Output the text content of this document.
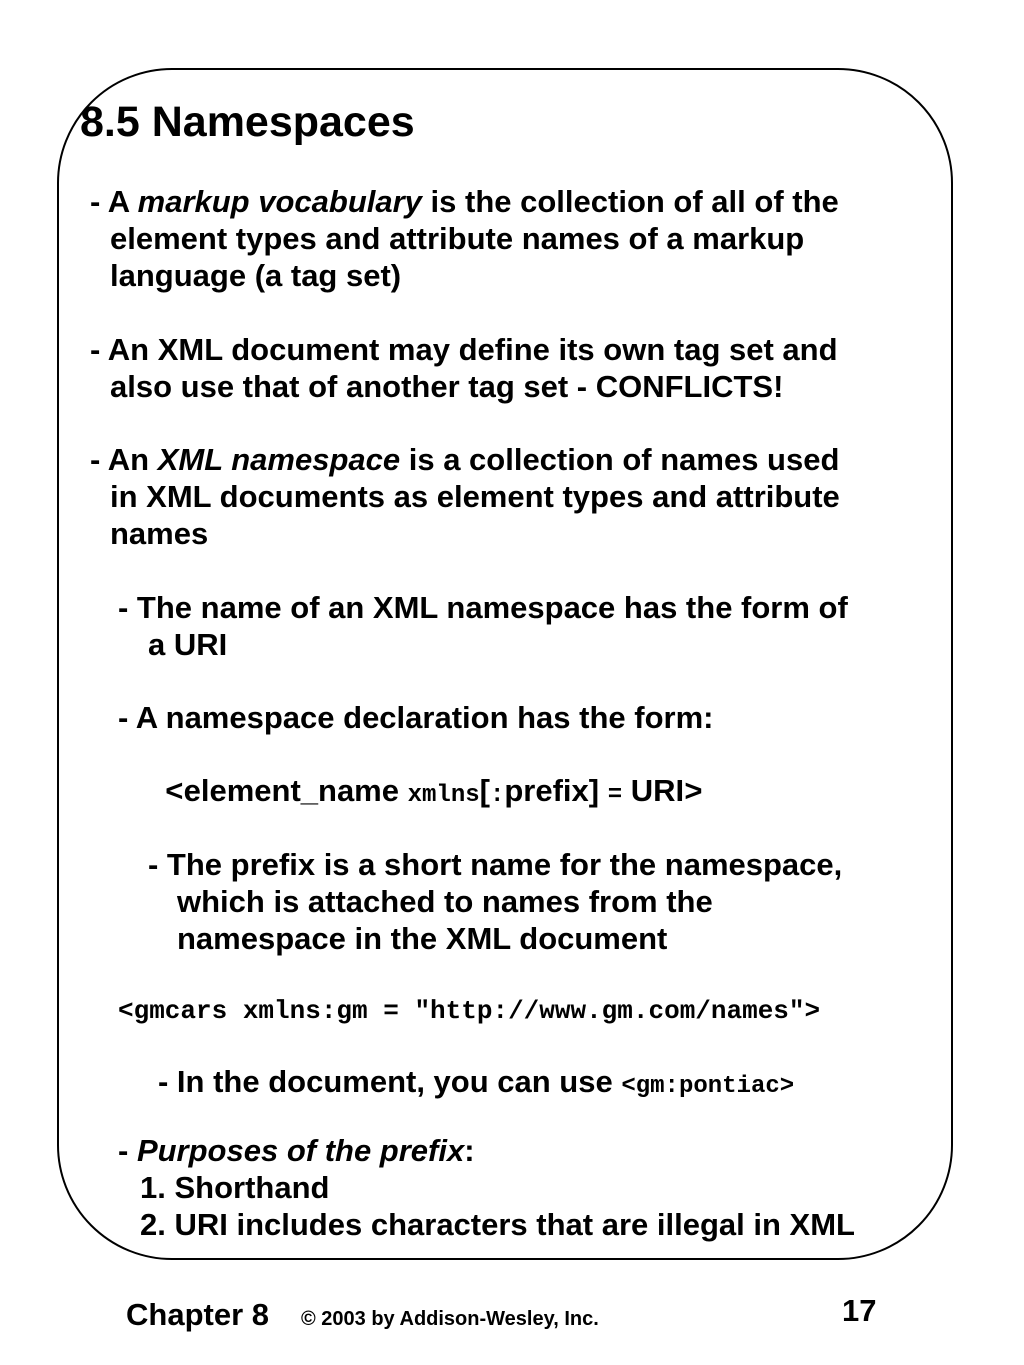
8.5 Namespaces
- A markup vocabulary is the collection of all of the
element types and attribute names of a markup
language (a tag set)
- An XML document may define its own tag set and
also use that of another tag set - CONFLICTS!
- An XML namespace is a collection of names used
in XML documents as element types and attribute
names
- The name of an XML namespace has the form of
a URI
- A namespace declaration has the form:
<element_name xmlns[:prefix] = URI>
- The prefix is a short name for the namespace,
which is attached to names from the
namespace in the XML document
<gmcars xmlns:gm = "http://www.gm.com/names">
- In the document, you can use <gm:pontiac>
- Purposes of the prefix:
1. Shorthand
2. URI includes characters that are illegal in XML
Chapter 8 © 2003 by Addison-Wesley, Inc.	17
